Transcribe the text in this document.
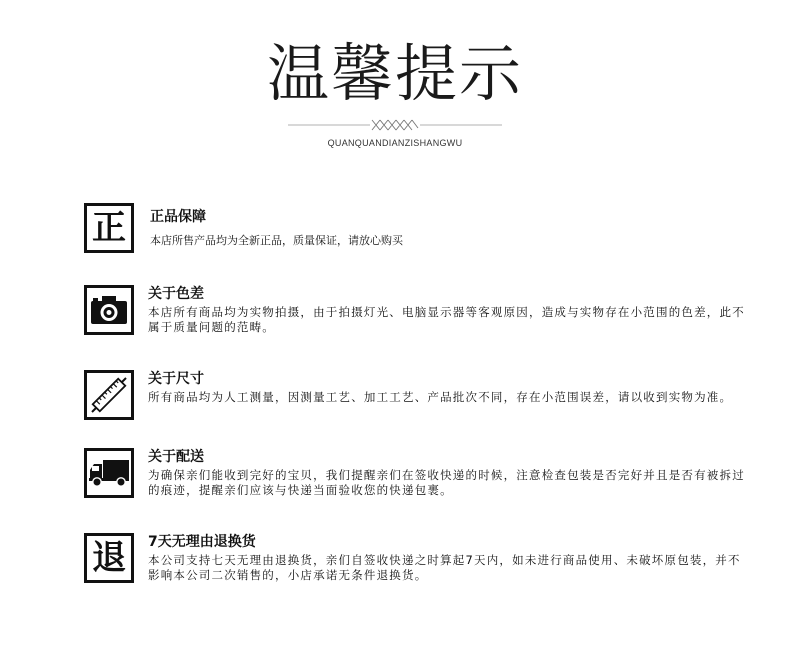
温馨提示
QUANQUANDIANZISHANGWU
正 正品保障
本店所售产品均为全新正品，质量保证，请放心购买
关于色差
本店所有商品均为实物拍摄，由于拍摄灯光、电脑显示器等客观原因，造成与实物存在小范围的色差，此不属于质量问题的范畴。
关于尺寸
所有商品均为人工测量，因测量工艺、加工工艺、产品批次不同，存在小范围误差，请以收到实物为准。
关于配送
为确保亲们能收到完好的宝贝，我们提醒亲们在签收快递的时候，注意检查包装是否完好并且是否有被拆过的痕迹，提醒亲们应该与快递当面验收您的快递包裹。
退 7天无理由退换货
本公司支持七天无理由退换货，亲们自签收快递之时算起7天内，如未进行商品使用、未破坏原包装，并不影响本公司二次销售的，小店承诺无条件退换货。
